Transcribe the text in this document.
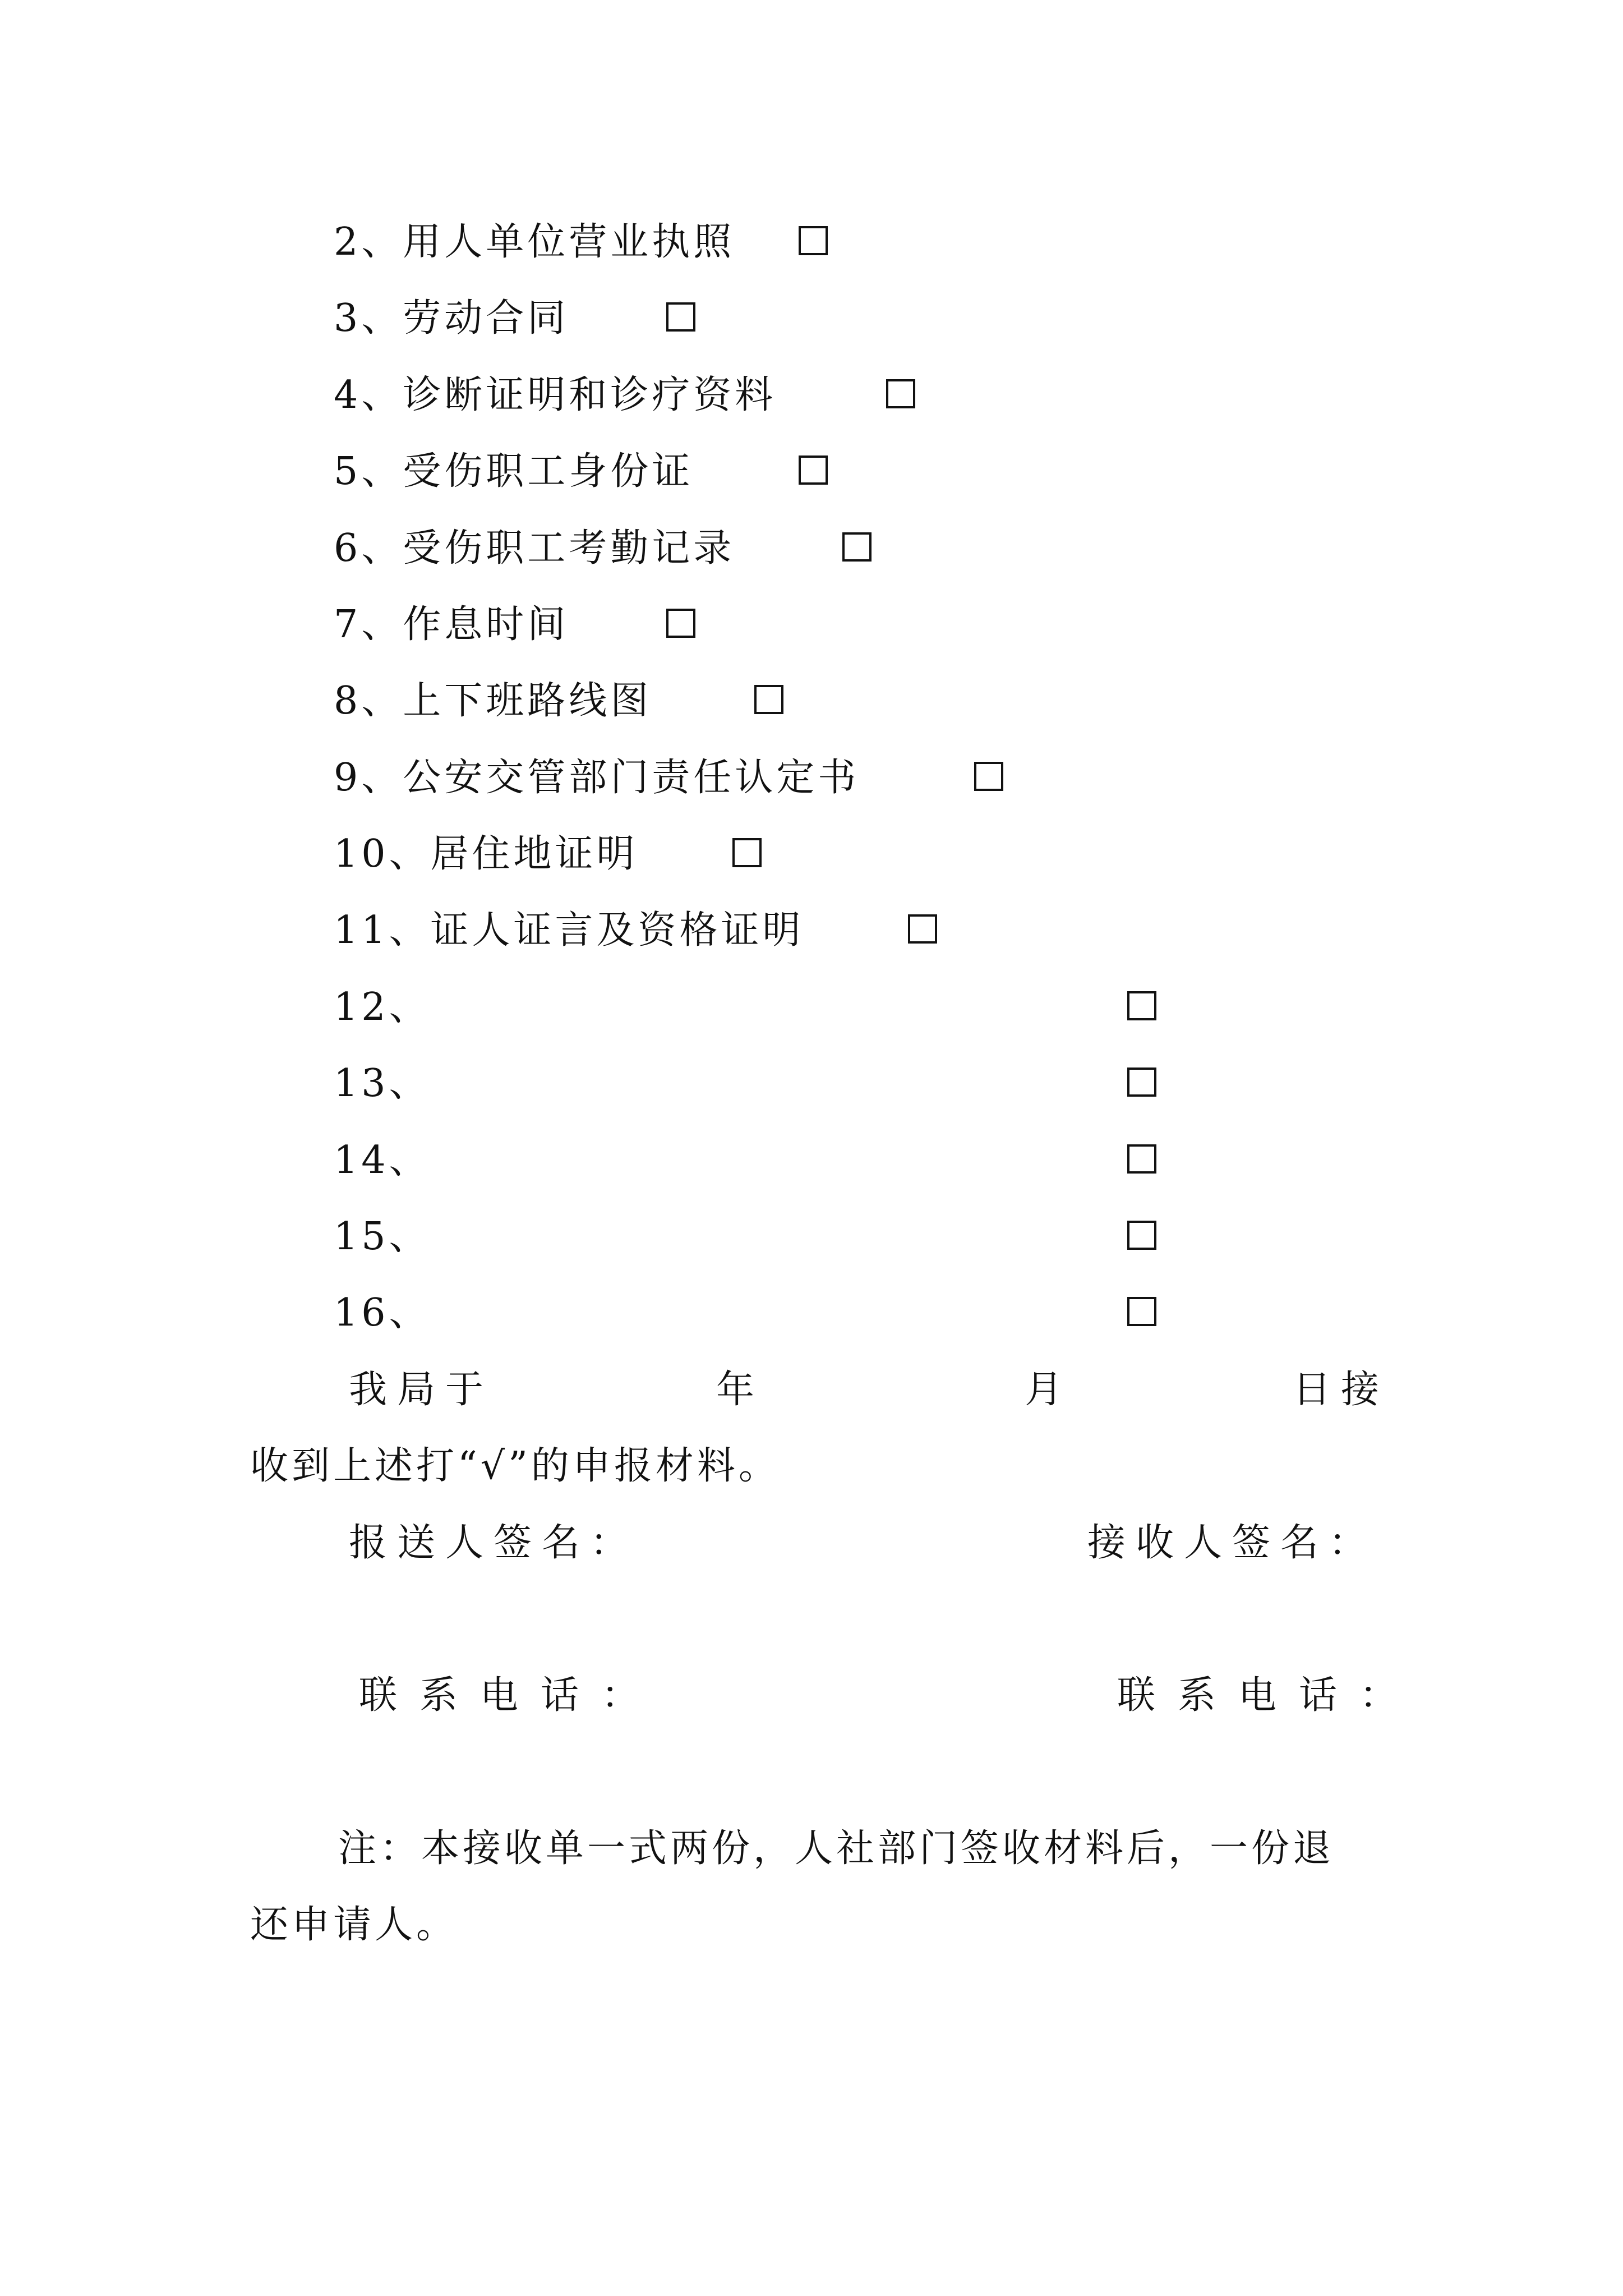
2、用人单位营业执照
3、劳动合同
4、诊断证明和诊疗资料
5、受伤职工身份证
6、受伤职工考勤记录
7、作息时间
8、上下班路线图
9、公安交管部门责任认定书
10、居住地证明
11、证人证言及资格证明
12、
13、
14、
15、
16、
我局于	年	月	日接
收到上述打“√”的申报材料。
报送人签名：	接收人签名：
联系电话：	联系电话：
注：本接收单一式两份，人社部门签收材料后，一份退
还申请人。
